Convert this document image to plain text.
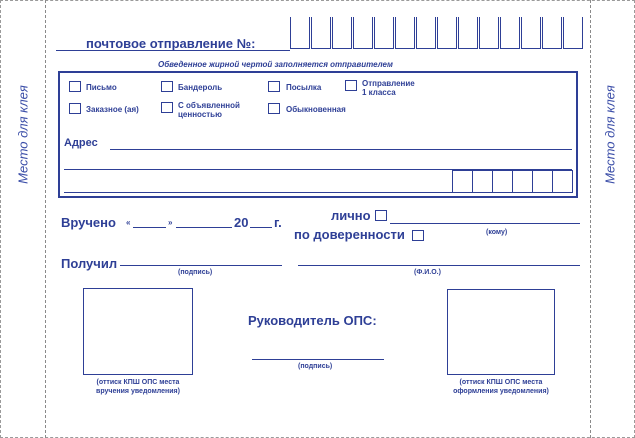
Место для клея	Место для клея
почтовое отправление №:
Обведенное жирной чертой заполняется отправителем
Письмо	Бандероль	Посылка	Отправление
1 класса
Заказное (ая)	С объявленной
ценностью
Обыкновенная
Адрес
Вручено «	»	20 г.	лично
по доверенности	(кому)
Получил
(подпись)	(Ф.И.О.)
(оттиск КПШ ОПС места
вручения уведомления)
(оттиск КПШ ОПС места
оформления уведомления)
Руководитель ОПС:
(подпись)
